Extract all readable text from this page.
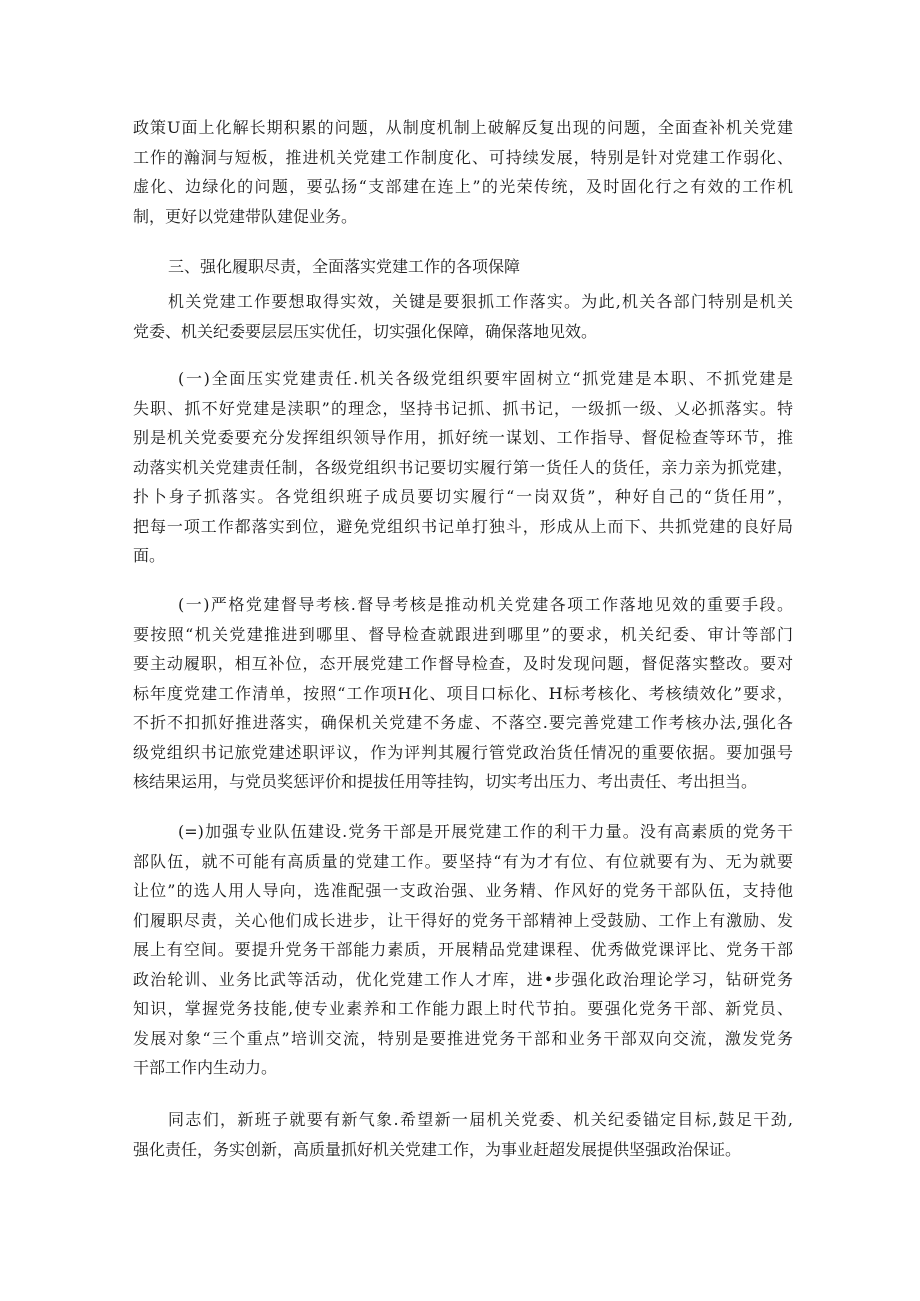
政策U面上化解长期积累的问题，从制度机制上破解反复出现的问题，全面查补机关党建
工作的瀚洞与短板，推进机关党建工作制度化、可持续发展，特别是针对党建工作弱化、
虚化、边绿化的问题，要弘扬“支部建在连上”的光荣传统，及时固化行之有效的工作机
制，更好以党建带队建促业务。
三、强化履职尽责，全面落实党建工作的各项保障
机关党建工作要想取得实效，关键是要狠抓工作落实。为此,机关各部门特别是机关
党委、机关纪委要层层压实优任，切实强化保障，确保落地见效。
(一)全面压实党建责任.机关各级党组织要牢固树立“抓党建是本职、不抓党建是
失职、抓不好党建是渎职”的理念，坚持书记抓、抓书记，一级抓一级、乂必抓落实。特
别是机关党委要充分发挥组织领导作用，抓好统一谋划、工作指导、督促检查等环节，推
动落实机关党建责任制，各级党组织书记要切实履行第一货任人的货任，亲力亲为抓党建，
扑卜身子抓落实。各党组织班子成员要切实履行“一岗双货”，种好自己的“货任用”，
把每一项工作都落实到位，避免党组织书记单打独斗，形成从上而下、共抓党建的良好局
面。
(一)严格党建督导考核.督导考核是推动机关党建各项工作落地见效的重要手段。
要按照“机关党建推进到哪里、督导检查就跟进到哪里”的要求，机关纪委、审计等部门
要主动履职，相互补位，态开展党建工作督导检查，及时发现问题，督促落实整改。要对
标年度党建工作清单，按照“工作项H化、项目口标化、H标考核化、考核绩效化”要求，
不折不扣抓好推进落实，确保机关党建不务虚、不落空.要完善党建工作考核办法,强化各
级党组织书记旅党建述职评议，作为评判其履行管党政治货任情况的重要依据。要加强号
核结果运用，与党员奖惩评价和提拔任用等挂钩，切实考出压力、考出责任、考出担当。
(=)加强专业队伍建设.党务干部是开展党建工作的利干力量。没有高素质的党务干
部队伍，就不可能有高质量的党建工作。要坚持“有为才有位、有位就要有为、无为就要
让位”的选人用人导向，选准配强一支政治强、业务精、作风好的党务干部队伍，支持他
们履职尽责，关心他们成长进步，让干得好的党务干部精神上受鼓励、工作上有激励、发
展上有空间。要提升党务干部能力素质，开展精品党建课程、优秀做党课评比、党务干部
政治轮训、业务比武等活动，优化党建工作人才库，进•步强化政治理论学习，钻研党务
知识，掌握党务技能,使专业素养和工作能力跟上时代节拍。要强化党务干部、新党员、
发展对象“三个重点”培训交流，特别是要推进党务干部和业务干部双向交流，激发党务
干部工作内生动力。
同志们，新班子就要有新气象.希望新一届机关党委、机关纪委锚定目标,鼓足干劲,
强化责任，务实创新，高质量抓好机关党建工作，为事业赶超发展提供坚强政治保证。
